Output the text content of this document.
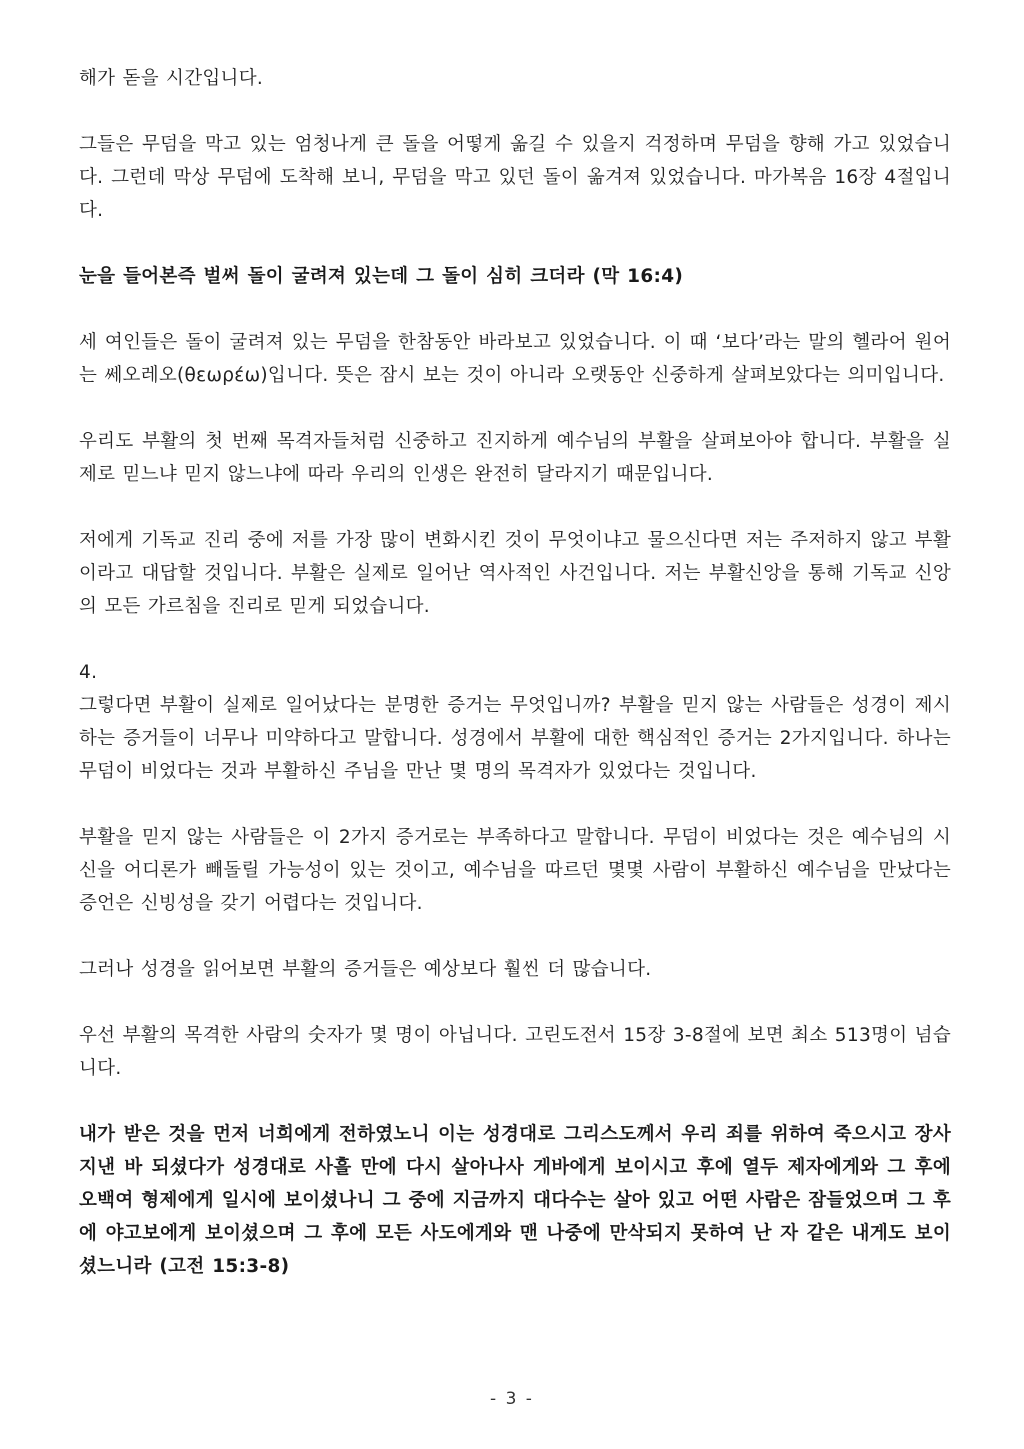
해가 돋을 시간입니다.

그들은 무덤을 막고 있는 엄청나게 큰 돌을 어떻게 옮길 수 있을지 걱정하며 무덤을 향해 가고 있었습니다. 그런데 막상 무덤에 도착해 보니, 무덤을 막고 있던 돌이 옮겨져 있었습니다. 마가복음 16장 4절입니다.

눈을 들어본즉 벌써 돌이 굴려져 있는데 그 돌이 심히 크더라 (막 16:4)

세 여인들은 돌이 굴려져 있는 무덤을 한참동안 바라보고 있었습니다. 이 때 ‘보다’라는 말의 헬라어 원어는 쎄오레오(θεωρέω)입니다. 뜻은 잠시 보는 것이 아니라 오랫동안 신중하게 살펴보았다는 의미입니다.

우리도 부활의 첫 번째 목격자들처럼 신중하고 진지하게 예수님의 부활을 살펴보아야 합니다. 부활을 실제로 믿느냐 믿지 않느냐에 따라 우리의 인생은 완전히 달라지기 때문입니다.

저에게 기독교 진리 중에 저를 가장 많이 변화시킨 것이 무엇이냐고 물으신다면 저는 주저하지 않고 부활이라고 대답할 것입니다. 부활은 실제로 일어난 역사적인 사건입니다. 저는 부활신앙을 통해 기독교 신앙의 모든 가르침을 진리로 믿게 되었습니다.

4.

그렇다면 부활이 실제로 일어났다는 분명한 증거는 무엇입니까? 부활을 믿지 않는 사람들은 성경이 제시하는 증거들이 너무나 미약하다고 말합니다. 성경에서 부활에 대한 핵심적인 증거는 2가지입니다. 하나는 무덤이 비었다는 것과 부활하신 주님을 만난 몇 명의 목격자가 있었다는 것입니다.

부활을 믿지 않는 사람들은 이 2가지 증거로는 부족하다고 말합니다. 무덤이 비었다는 것은 예수님의 시신을 어디론가 빼돌릴 가능성이 있는 것이고, 예수님을 따르던 몇몇 사람이 부활하신 예수님을 만났다는 증언은 신빙성을 갖기 어렵다는 것입니다.

그러나 성경을 읽어보면 부활의 증거들은 예상보다 훨씬 더 많습니다.

우선 부활의 목격한 사람의 숫자가 몇 명이 아닙니다. 고린도전서 15장 3-8절에 보면 최소 513명이 넘습니다.

내가 받은 것을 먼저 너희에게 전하였노니 이는 성경대로 그리스도께서 우리 죄를 위하여 죽으시고 장사 지낸 바 되셨다가 성경대로 사흘 만에 다시 살아나사 게바에게 보이시고 후에 열두 제자에게와 그 후에 오백여 형제에게 일시에 보이셨나니 그 중에 지금까지 대다수는 살아 있고 어떤 사람은 잠들었으며 그 후에 야고보에게 보이셨으며 그 후에 모든 사도에게와 맨 나중에 만삭되지 못하여 난 자 같은 내게도 보이셨느니라 (고전 15:3-8)

- 3 -
